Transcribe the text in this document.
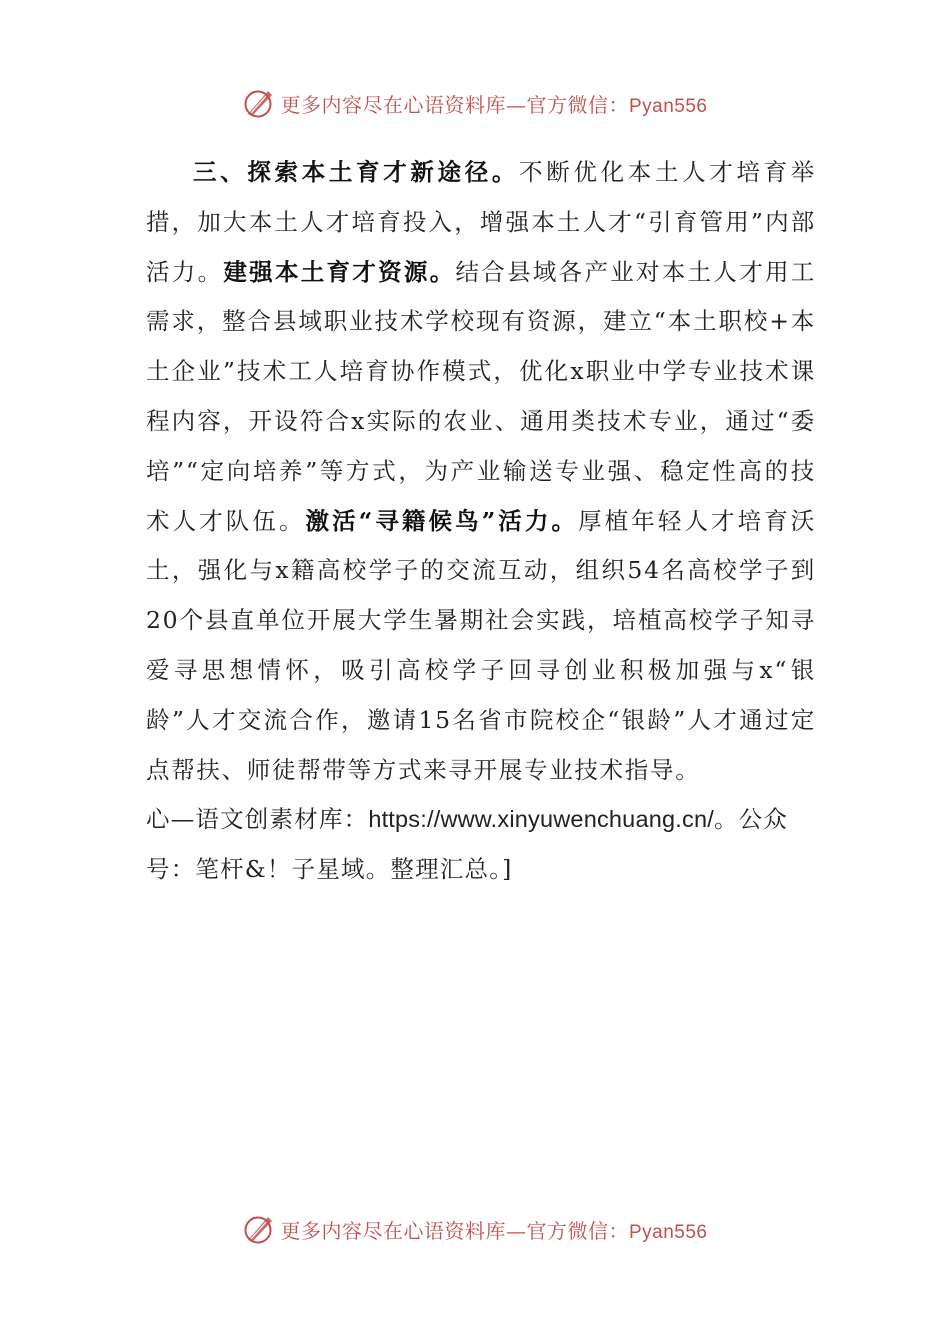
更多内容尽在心语资料库—官方微信：Pyan556

三、探索本土育才新途径。不断优化本土人才培育举措，加大本土人才培育投入，增强本土人才“引育管用”内部活力。建强本土育才资源。结合县域各产业对本土人才用工需求，整合县域职业技术学校现有资源，建立“本土职校+本土企业”技术工人培育协作模式，优化x职业中学专业技术课程内容，开设符合x实际的农业、通用类技术专业，通过“委培”“定向培养”等方式，为产业输送专业强、稳定性高的技术人才队伍。激活“寻籍候鸟”活力。厚植年轻人才培育沃土，强化与x籍高校学子的交流互动，组织54名高校学子到20个县直单位开展大学生暑期社会实践，培植高校学子知寻爱寻思想情怀，吸引高校学子回寻创业积极加强与x“银龄”人才交流合作，邀请15名省市院校企“银龄”人才通过定点帮扶、师徒帮带等方式来寻开展专业技术指导。

心—语文创素材库：https://www.xinyuwenchuang.cn/。公众号：笔杆&！子星域。整理汇总。]

更多内容尽在心语资料库—官方微信：Pyan556
